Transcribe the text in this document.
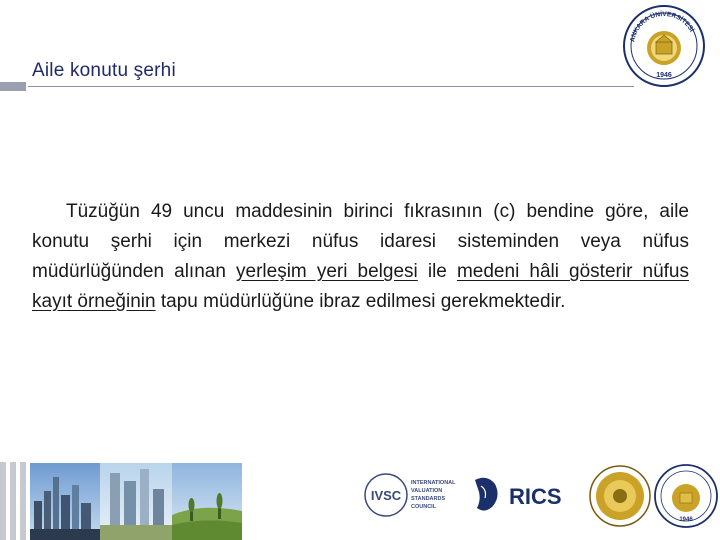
Aile konutu şerhi
ANKARA ÜNİVERSİTESİ
1946
Tüzüğün 49 uncu maddesinin birinci fıkrasının (c) bendine göre, aile konutu şerhi için merkezi nüfus idaresi sisteminden veya nüfus müdürlüğünden alınan yerleşim yeri belgesi ile medeni hâli gösterir nüfus kayıt örneğinin tapu müdürlüğüne ibraz edilmesi gerekmektedir.
IVSC
INTERNATIONAL
VALUATION
STANDARDS
COUNCIL	RICS
1946
